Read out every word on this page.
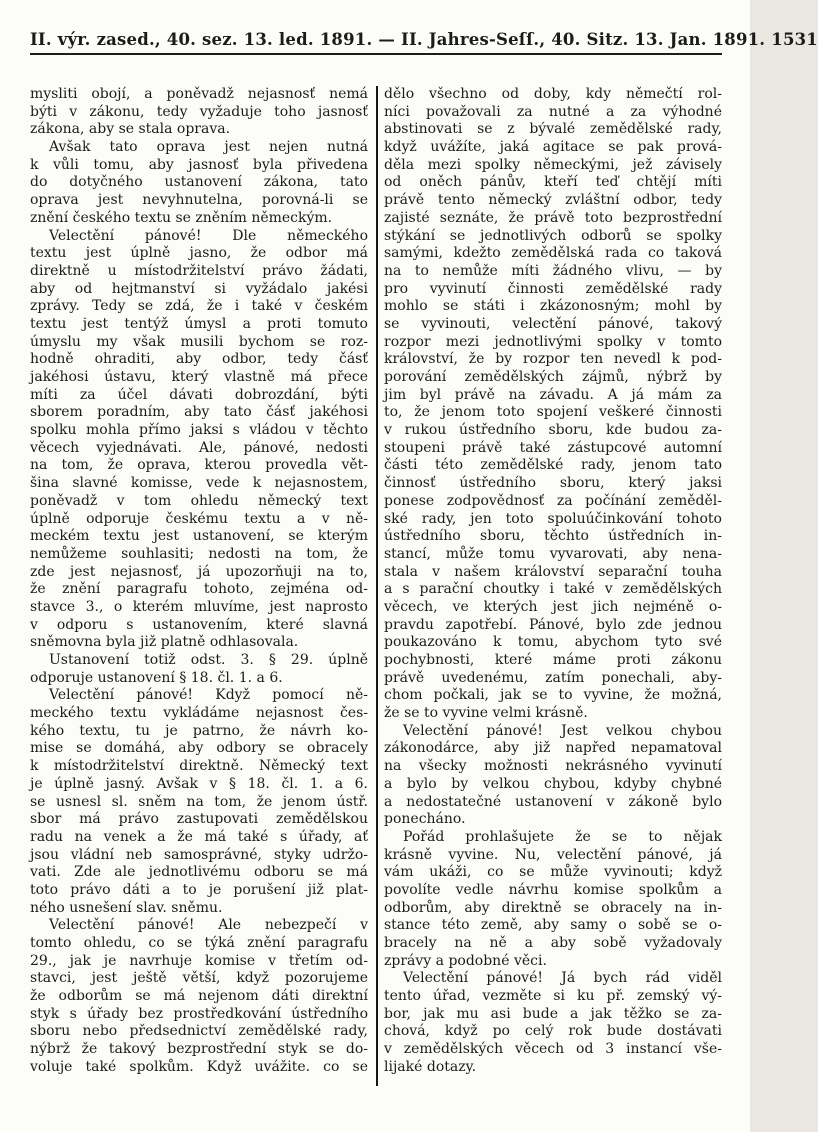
II. výr. zased., 40. sez. 13. led. 1891. — II. Jahres-Seſſ., 40. Sitz. 13. Jan. 1891. 1531
mysliti obojí, a poněvadž nejasnosť nemá
býti v zákonu, tedy vyžaduje toho jasnosť
zákona, aby se stala oprava.
Avšak tato oprava jest nejen nutná
k vůli tomu, aby jasnosť byla přivedena
do dotyčného ustanovení zákona, tato
oprava jest nevyhnutelna, porovná-li se
znění českého textu se zněním německým.
Velectění pánové! Dle německého
textu jest úplně jasno, že odbor má
direktně u místodržitelství právo žádati,
aby od hejtmanství si vyžádalo jakési
zprávy. Tedy se zdá, že i také v českém
textu jest tentýž úmysl a proti tomuto
úmyslu my však musili bychom se roz-
hodně ohraditi, aby odbor, tedy čásť
jakéhosi ústavu, který vlastně má přece
míti za účel dávati dobrozdání, býti
sborem poradním, aby tato čásť jakéhosi
spolku mohla přímo jaksi s vládou v těchto
věcech vyjednávati. Ale, pánové, nedosti
na tom, že oprava, kterou provedla vět-
šina slavné komisse, vede k nejasnostem,
poněvadž v tom ohledu německý text
úplně odporuje českému textu a v ně-
meckém textu jest ustanovení, se kterým
nemůžeme souhlasiti; nedosti na tom, že
zde jest nejasnosť, já upozorňuji na to,
že znění paragrafu tohoto, zejména od-
stavce 3., o kterém mluvíme, jest naprosto
v odporu s ustanovením, které slavná
sněmovna byla již platně odhlasovala.
Ustanovení totiž odst. 3. § 29. úplně
odporuje ustanovení § 18. čl. 1. a 6.
Velectění pánové! Když pomocí ně-
meckého textu vykládáme nejasnost čes-
kého textu, tu je patrno, že návrh ko-
mise se domáhá, aby odbory se obracely
k místodržitelství direktně. Německý text
je úplně jasný. Avšak v § 18. čl. 1. a 6.
se usnesl sl. sněm na tom, že jenom ústř.
sbor má právo zastupovati zemědělskou
radu na venek a že má také s úřady, ať
jsou vládní neb samosprávné, styky udržo-
vati. Zde ale jednotlivému odboru se má
toto právo dáti a to je porušení již plat-
ného usnešení slav. sněmu.
Velectění pánové! Ale nebezpečí v
tomto ohledu, co se týká znění paragrafu
29., jak je navrhuje komise v třetím od-
stavci, jest ještě větší, když pozorujeme
že odborům se má nejenom dáti direktní
styk s úřady bez prostředkování ústředního
sboru nebo předsednictví zemědělské rady,
nýbrž že takový bezprostřední styk se do-
voluje také spolkům. Když uvážite. co se
dělo všechno od doby, kdy němečtí rol-
níci považovali za nutné a za výhodné
abstinovati se z bývalé zemědělské rady,
když uvážíte, jaká agitace se pak prová-
děla mezi spolky německými, jež závisely
od oněch pánův, kteří teď chtějí míti
právě tento německý zvláštní odbor, tedy
zajisté seznáte, že právě toto bezprostřední
stýkání se jednotlivých odborů se spolky
samými, kdežto zemědělská rada co taková
na to nemůže míti žádného vlivu, — by
pro vyvinutí činnosti zemědělské rady
mohlo se státi i zkázonosným; mohl by
se vyvinouti, velectění pánové, takový
rozpor mezi jednotlivými spolky v tomto
království, že by rozpor ten nevedl k pod-
porování zemědělských zájmů, nýbrž by
jim byl právě na závadu. A já mám za
to, že jenom toto spojení veškeré činnosti
v rukou ústředního sboru, kde budou za-
stoupeni právě také zástupcové automní
části této zemědělské rady, jenom tato
činnosť ústředního sboru, který jaksi
ponese zodpovědnosť za počínání zeměděl-
ské rady, jen toto spoluúčinkování tohoto
ústředního sboru, těchto ústředních in-
stancí, může tomu vyvarovati, aby nena-
stala v našem království separační touha
a s parační choutky i také v zemědělských
věcech, ve kterých jest jich nejméně o-
pravdu zapotřebí. Pánové, bylo zde jednou
poukazováno k tomu, abychom tyto své
pochybnosti, které máme proti zákonu
právě uvedenému, zatím ponechali, aby-
chom počkali, jak se to vyvine, že možná,
že se to vyvine velmi krásně.
Velectění pánové! Jest velkou chybou
zákonodárce, aby již napřed nepamatoval
na všecky možnosti nekrásného vyvinutí
a bylo by velkou chybou, kdyby chybné
a nedostatečné ustanovení v zákoně bylo
ponecháno.
Pořád prohlašujete že se to nějak
krásně vyvine. Nu, velectění pánové, já
vám ukáži, co se může vyvinouti; když
povolíte vedle návrhu komise spolkům a
odborům, aby direktně se obracely na in-
stance této země, aby samy o sobě se o-
bracely na ně a aby sobě vyžadovaly
zprávy a podobné věci.
Velectění pánové! Já bych rád viděl
tento úřad, vezměte si ku př. zemský vý-
bor, jak mu asi bude a jak těžko se za-
chová, když po celý rok bude dostávati
v zemědělských věcech od 3 instancí vše-
lijaké dotazy.
